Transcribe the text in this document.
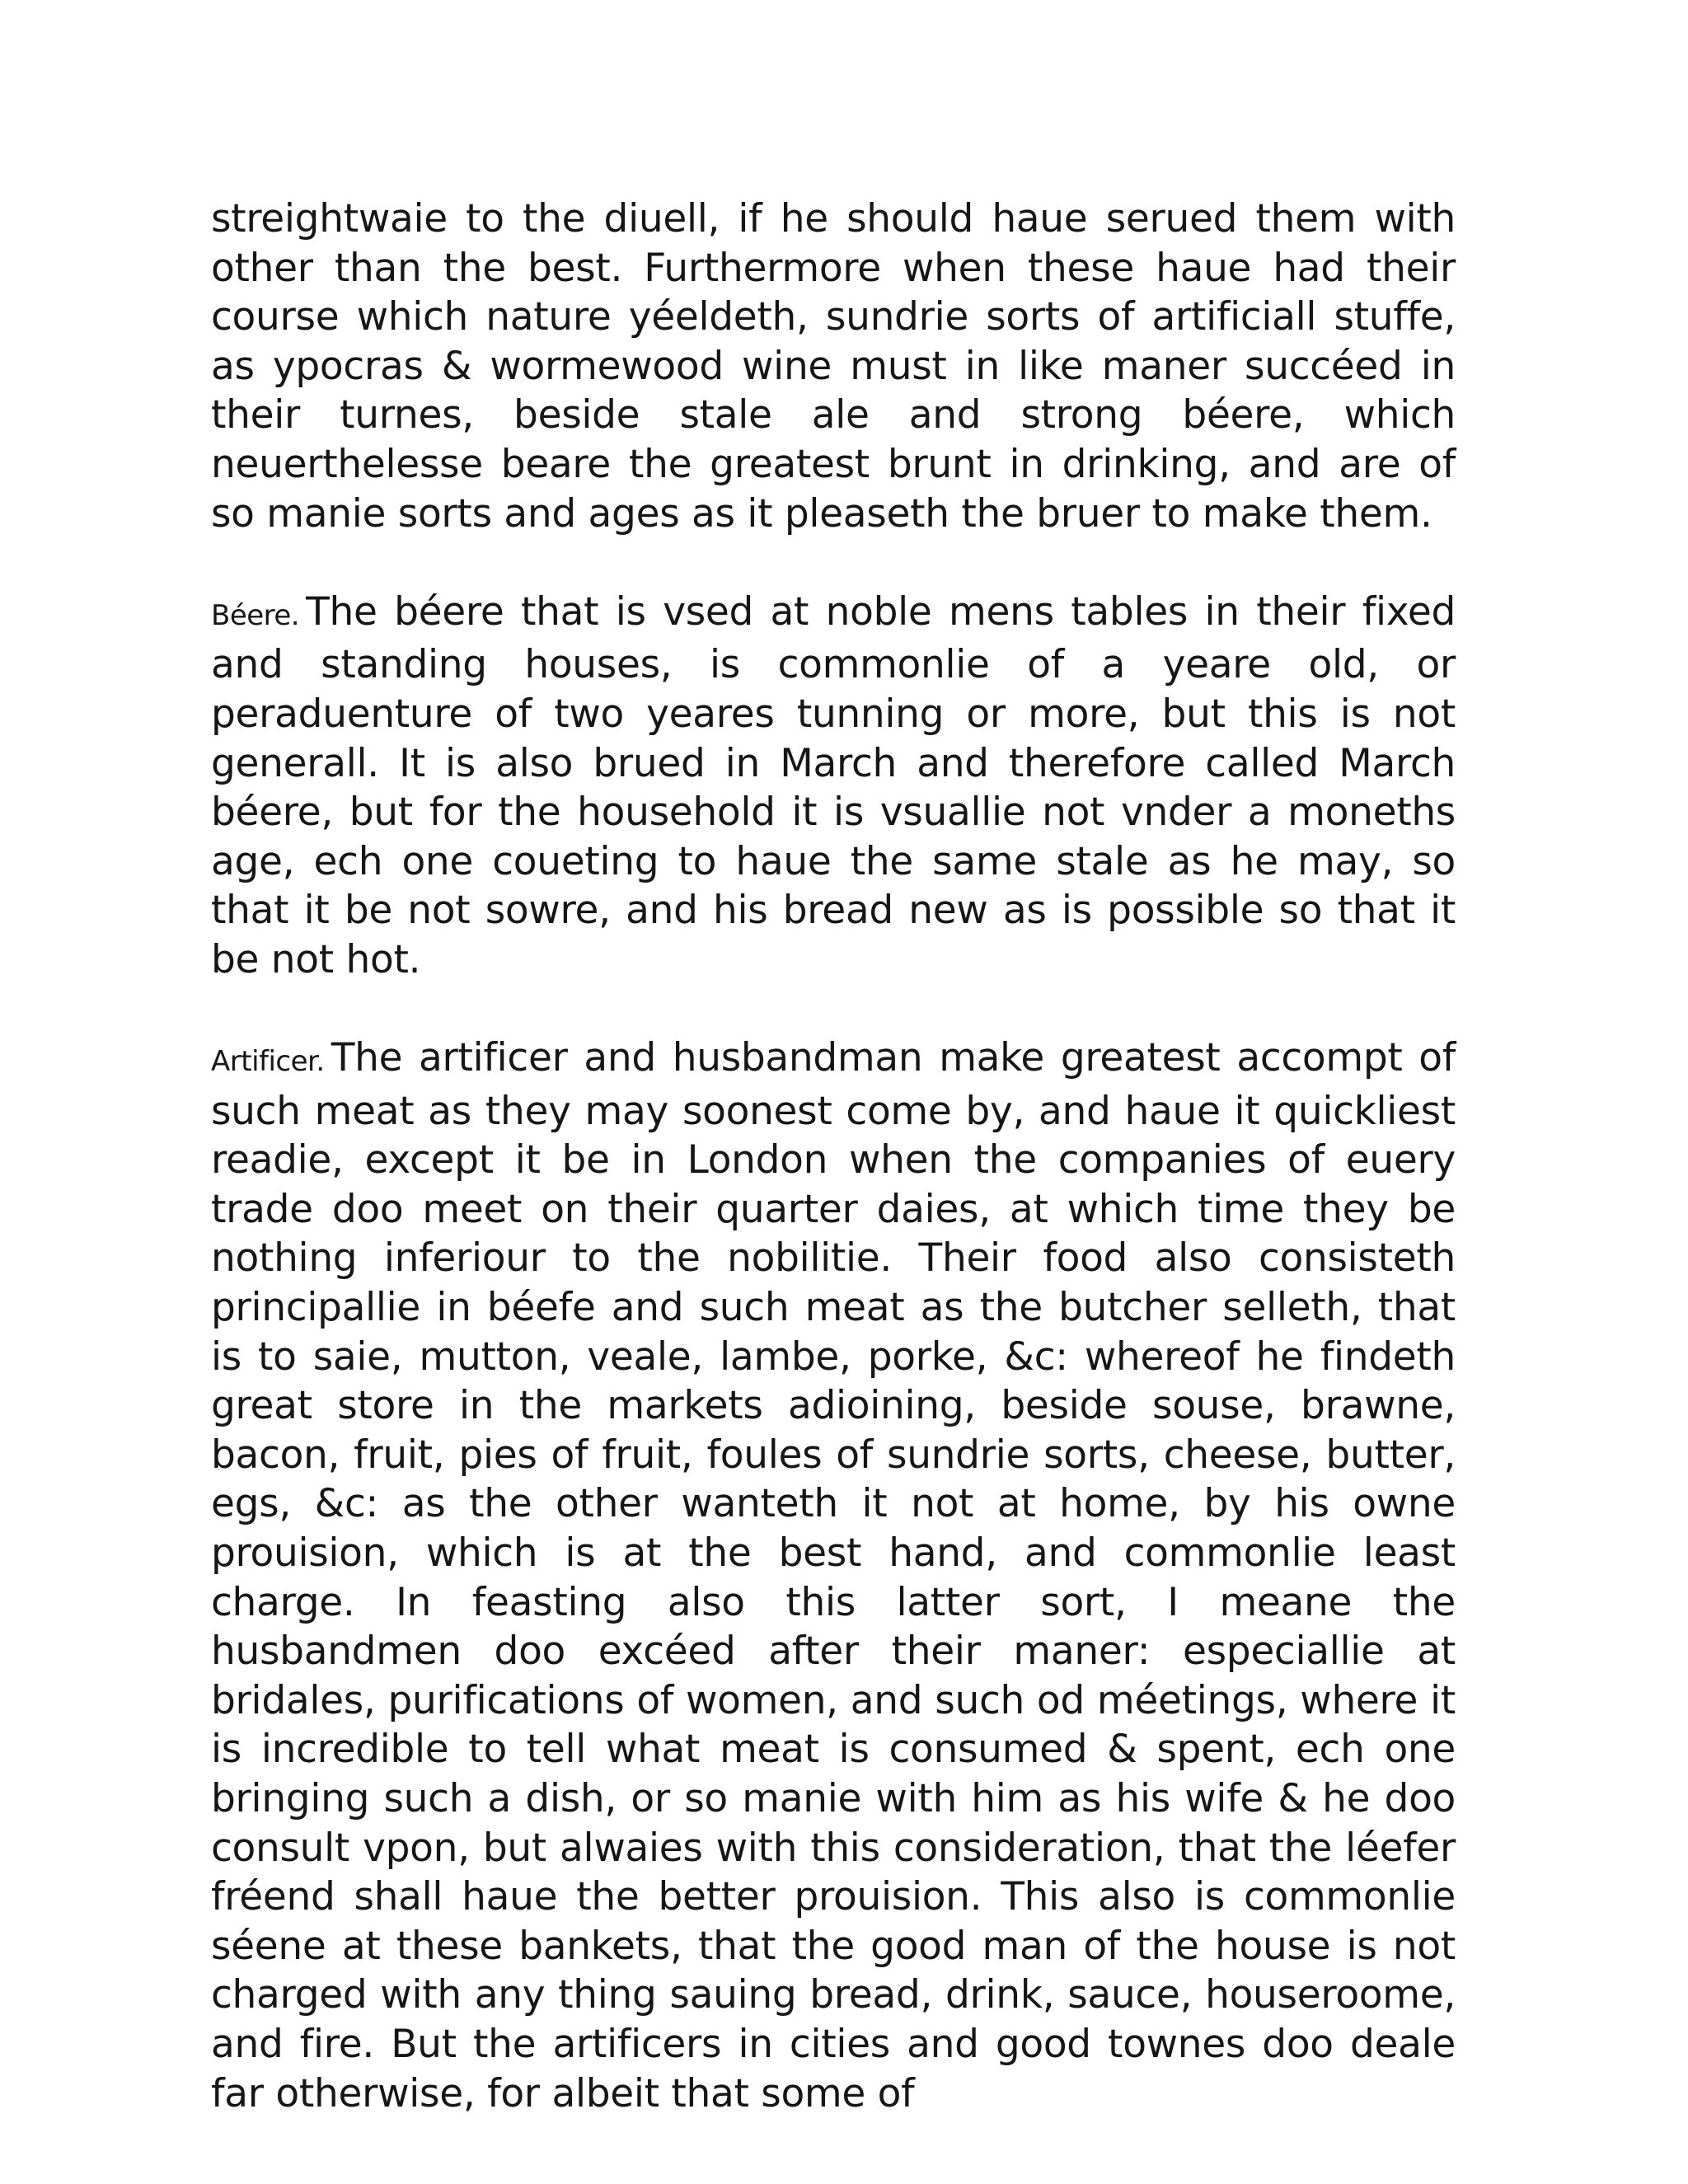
streightwaie to the diuell, if he should haue serued them with other than the best. Furthermore when these haue had their course which nature yéeldeth, sundrie sorts of artificiall stuffe, as ypocras & wormewood wine must in like maner succéed in their turnes, beside stale ale and strong béere, which neuerthelesse beare the greatest brunt in drinking, and are of so manie sorts and ages as it pleaseth the bruer to make them.

Béere. The béere that is vsed at noble mens tables in their fixed and standing houses, is commonlie of a yeare old, or peraduenture of two yeares tunning or more, but this is not generall. It is also brued in March and therefore called March béere, but for the household it is vsuallie not vnder a moneths age, ech one coueting to haue the same stale as he may, so that it be not sowre, and his bread new as is possible so that it be not hot.

Artificer. The artificer and husbandman make greatest accompt of such meat as they may soonest come by, and haue it quickliest readie, except it be in London when the companies of euery trade doo meet on their quarter daies, at which time they be nothing inferiour to the nobilitie. Their food also consisteth principallie in béefe and such meat as the butcher selleth, that is to saie, mutton, veale, lambe, porke, &c: whereof he findeth great store in the markets adioining, beside souse, brawne, bacon, fruit, pies of fruit, foules of sundrie sorts, cheese, butter, egs, &c: as the other wanteth it not at home, by his owne prouision, which is at the best hand, and commonlie least charge. In feasting also this latter sort, I meane the husbandmen doo excéed after their maner: especiallie at bridales, purifications of women, and such od méetings, where it is incredible to tell what meat is consumed & spent, ech one bringing such a dish, or so manie with him as his wife & he doo consult vpon, but alwaies with this consideration, that the léefer fréend shall haue the better prouision. This also is commonlie séene at these bankets, that the good man of the house is not charged with any thing sauing bread, drink, sauce, houseroome, and fire. But the artificers in cities and good townes doo deale far otherwise, for albeit that some of
